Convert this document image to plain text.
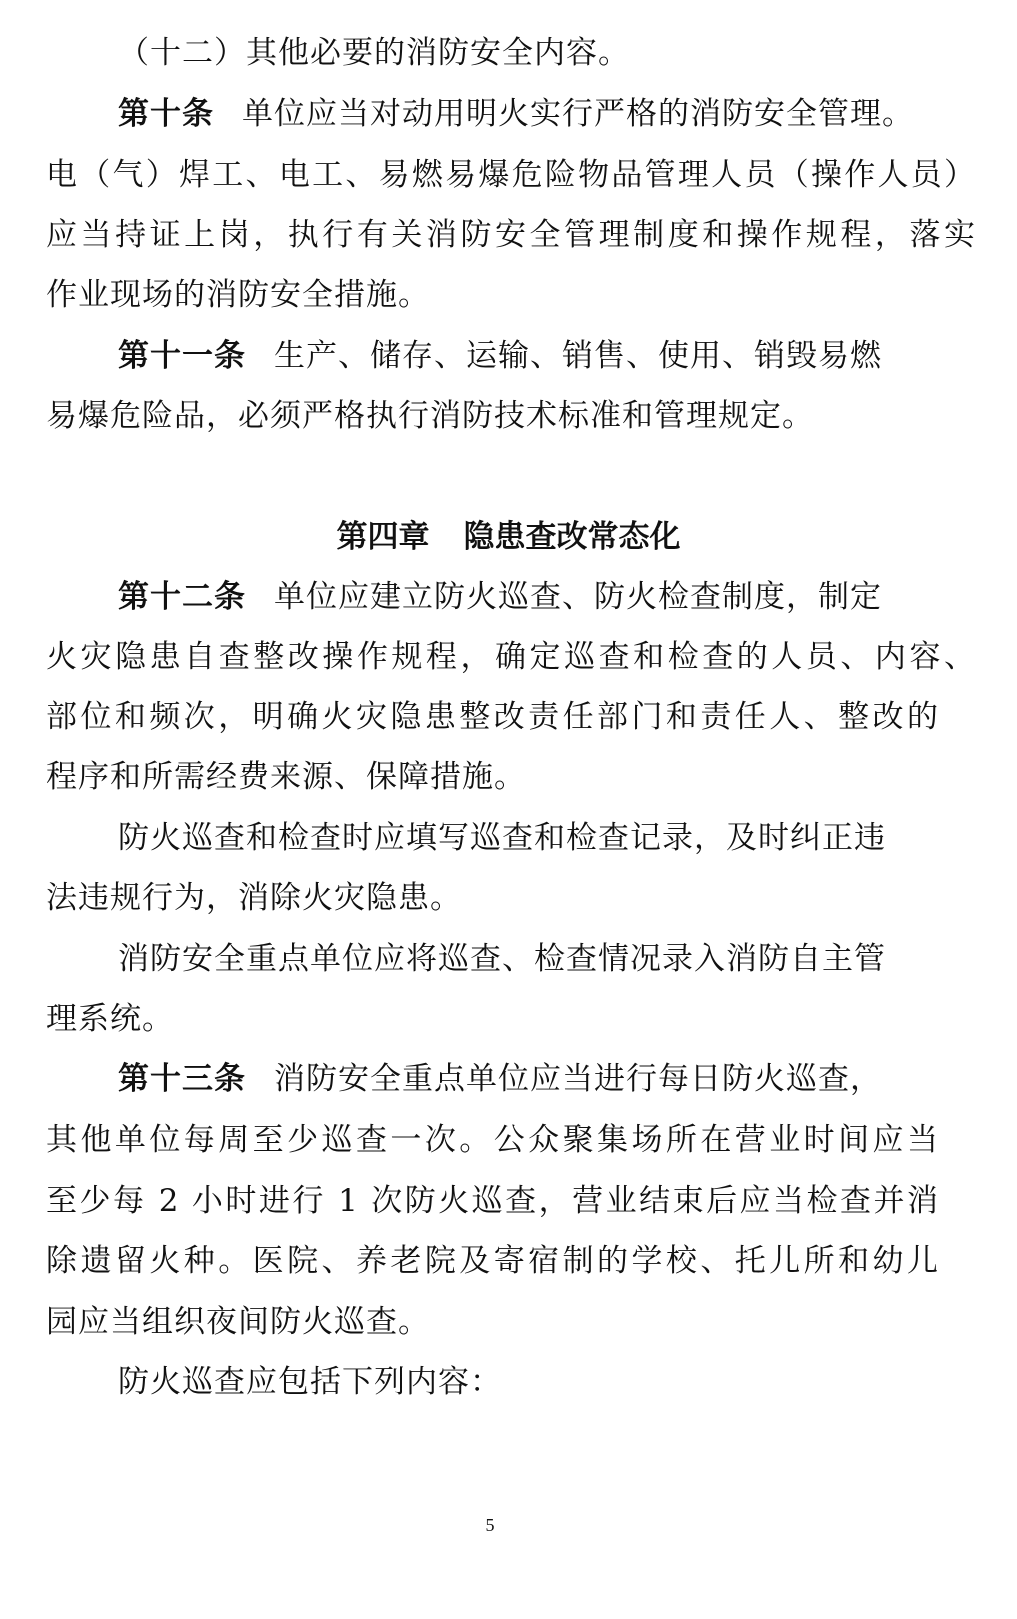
（十二）其他必要的消防安全内容。
第十条 单位应当对动用明火实行严格的消防安全管理。
电（气）焊工、电工、易燃易爆危险物品管理人员（操作人员）
应当持证上岗，执行有关消防安全管理制度和操作规程，落实
作业现场的消防安全措施。
第十一条 生产、储存、运输、销售、使用、销毁易燃
易爆危险品，必须严格执行消防技术标准和管理规定。
第四章 隐患查改常态化
第十二条 单位应建立防火巡查、防火检查制度，制定
火灾隐患自查整改操作规程，确定巡查和检查的人员、内容、
部位和频次，明确火灾隐患整改责任部门和责任人、整改的
程序和所需经费来源、保障措施。
防火巡查和检查时应填写巡查和检查记录，及时纠正违
法违规行为，消除火灾隐患。
消防安全重点单位应将巡查、检查情况录入消防自主管
理系统。
第十三条 消防安全重点单位应当进行每日防火巡查，
其他单位每周至少巡查一次。公众聚集场所在营业时间应当
至少每 2 小时进行 1 次防火巡查，营业结束后应当检查并消
除遗留火种。医院、养老院及寄宿制的学校、托儿所和幼儿
园应当组织夜间防火巡查。
防火巡查应包括下列内容：
5
